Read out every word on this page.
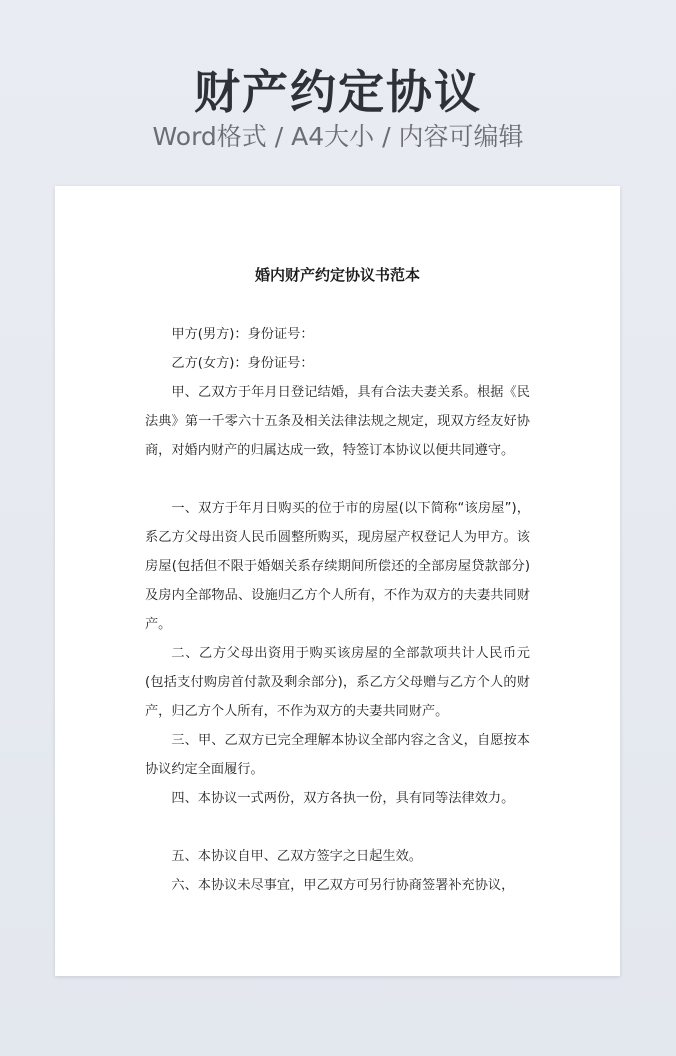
财产约定协议
Word格式 / A4大小 / 内容可编辑
婚内财产约定协议书范本

甲方(男方)：身份证号：

乙方(女方)：身份证号：

甲、乙双方于年月日登记结婚，具有合法夫妻关系。根据《民法典》第一千零六十五条及相关法律法规之规定，现双方经友好协商，对婚内财产的归属达成一致，特签订本协议以便共同遵守。

一、双方于年月日购买的位于市的房屋(以下简称“该房屋”)，系乙方父母出资人民币圆整所购买，现房屋产权登记人为甲方。该房屋(包括但不限于婚姻关系存续期间所偿还的全部房屋贷款部分)及房内全部物品、设施归乙方个人所有，不作为双方的夫妻共同财产。

二、乙方父母出资用于购买该房屋的全部款项共计人民币元(包括支付购房首付款及剩余部分)，系乙方父母赠与乙方个人的财产，归乙方个人所有，不作为双方的夫妻共同财产。

三、甲、乙双方已完全理解本协议全部内容之含义，自愿按本协议约定全面履行。

四、本协议一式两份，双方各执一份，具有同等法律效力。

五、本协议自甲、乙双方签字之日起生效。

六、本协议未尽事宜，甲乙双方可另行协商签署补充协议，
